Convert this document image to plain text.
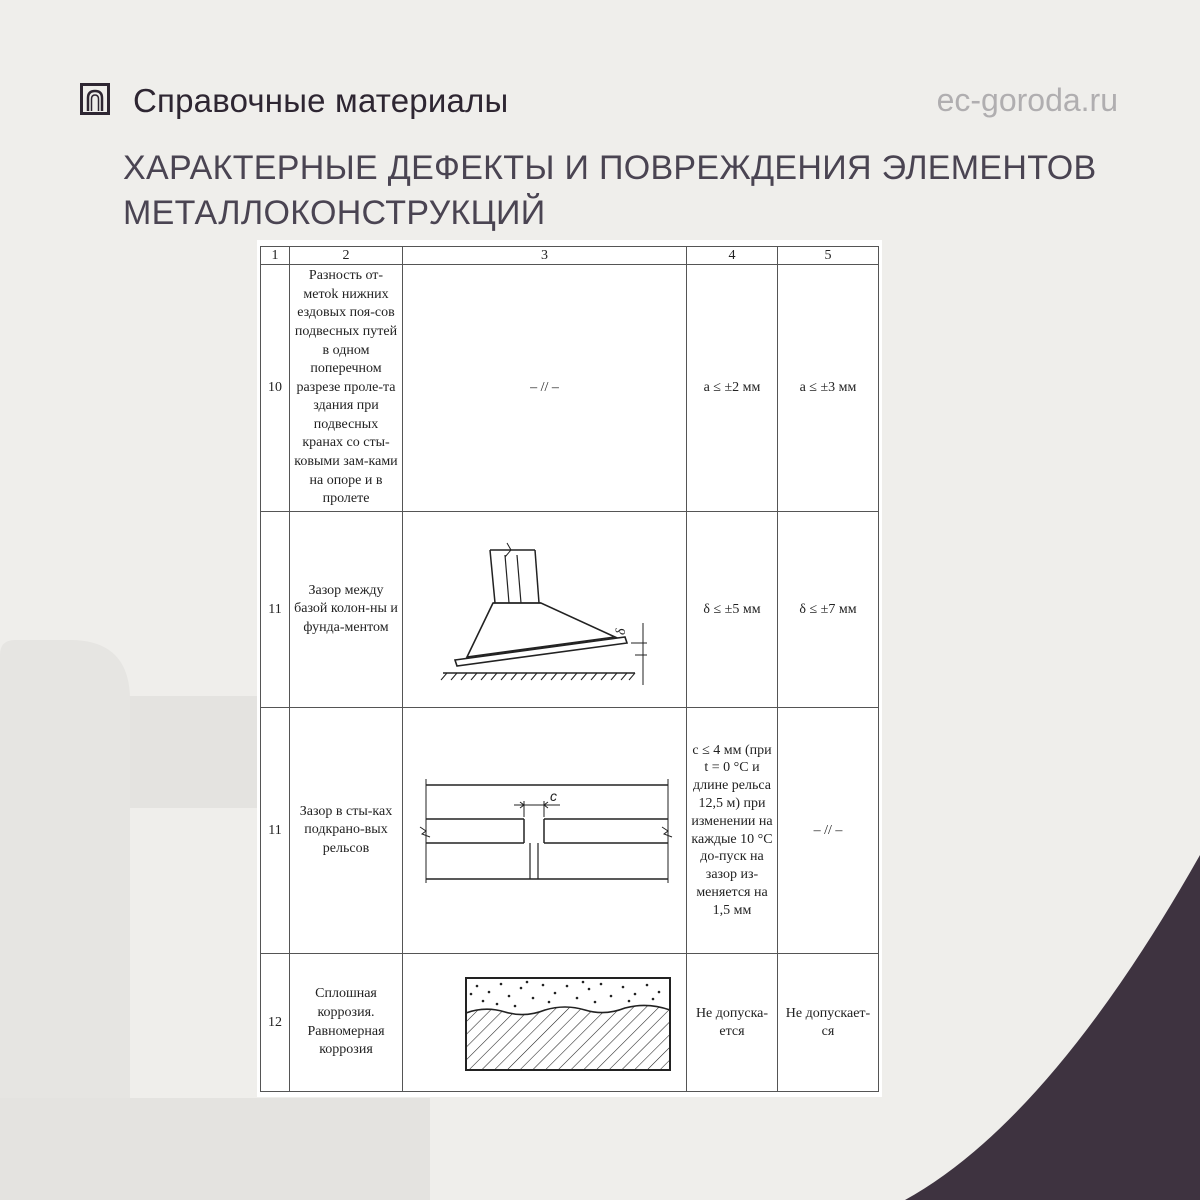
Справочные материалы	ec-goroda.ru
ХАРАКТЕРНЫЕ ДЕФЕКТЫ И ПОВРЕЖДЕНИЯ ЭЛЕМЕНТОВ МЕТАЛЛОКОНСТРУКЦИЙ
1	2	3	4	5
10	Разность от-метоk нижних ездовых поя-сов подвесных путей в одном поперечном разрезе проле-та здания при подвесных кранах со сты-ковыми зам-ками на опоре и в пролете	– // –	a ≤ ±2 мм	a ≤ ±3 мм
11	Зазор между базой колон-ны и фунда-ментом	δ	δ ≤ ±5 мм	δ ≤ ±7 мм
11	Зазор в сты-ках подкрано-вых рельсов	c	c ≤ 4 мм (при t = 0 °С и длине рельса 12,5 м) при изменении на каждые 10 °С до-пуск на зазор из-меняется на 1,5 мм	– // –
12	Сплошная коррозия. Равномерная коррозия		Не допуска-ется	Не допускает-ся
